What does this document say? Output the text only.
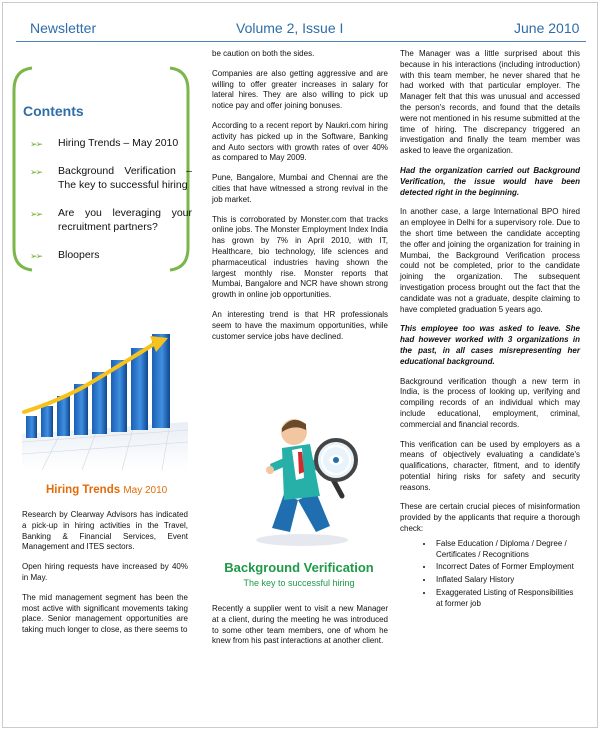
Newsletter	Volume 2, Issue I	June 2010
Contents
➢➢ Hiring Trends – May 2010
➢➢ Background Verification – The key to successful hiring
➢➢ Are you leveraging your recruitment partners?
➢➢ Bloopers
Hiring Trends May 2010

Research by Clearway Advisors has indicated a pick-up in hiring activities in the Travel, Banking & Financial Services, Event Management and ITES sectors.

Open hiring requests have increased by 40% in May.

The mid management segment has been the most active with significant movements taking place. Senior management opportunities are taking much longer to close, as there seems to

be caution on both the sides.

Companies are also getting aggressive and are willing to offer greater increases in salary for lateral hires. They are also willing to pick up notice pay and offer joining bonuses.

According to a recent report by Naukri.com hiring activity has picked up in the Software, Banking and Auto sectors with growth rates of over 40% as compared to May 2009.

Pune, Bangalore, Mumbai and Chennai are the cities that have witnessed a strong revival in the job market.

This is corroborated by Monster.com that tracks online jobs. The Monster Employment Index India has grown by 7% in April 2010, with IT, Healthcare, bio technology, life sciences and pharmaceutical industries having shown the largest monthly rise. Monster reports that Mumbai, Bangalore and NCR have shown strong growth in online job opportunities.

An interesting trend is that HR professionals seem to have the maximum opportunities, while customer service jobs have declined.

Background Verification
The key to successful hiring

Recently a supplier went to visit a new Manager at a client, during the meeting he was introduced to some other team members, one of whom he knew from his past interactions at another client.

The Manager was a little surprised about this because in his interactions (including introduction) with this team member, he never shared that he had worked with that particular employer. The Manager felt that this was unusual and accessed the person's records, and found that the details were not mentioned in his resume submitted at the time of hiring. The discrepancy triggered an investigation and finally the team member was asked to leave the organization.

Had the organization carried out Background Verification, the issue would have been detected right in the beginning.

In another case, a large International BPO hired an employee in Delhi for a supervisory role. Due to the short time between the candidate accepting the offer and joining the organization for training in Mumbai, the Background Verification process could not be completed, prior to the candidate joining the organization. The subsequent investigation process brought out the fact that the candidate was not a graduate, despite claiming to have completed graduation 5 years ago.

This employee too was asked to leave. She had however worked with 3 organizations in the past, in all cases misrepresenting her educational background.

Background verification though a new term in India, is the process of looking up, verifying and compiling records of an individual which may include educational, employment, criminal, commercial and financial records.

This verification can be used by employers as a means of objectively evaluating a candidate's qualifications, character, fitment, and to identify potential hiring risks for safety and security reasons.

These are certain crucial pieces of misinformation provided by the applicants that require a thorough check:

• False Education / Diploma / Degree / Certificates / Recognitions
• Incorrect Dates of Former Employment
• Inflated Salary History
• Exaggerated Listing of Responsibilities at former job
